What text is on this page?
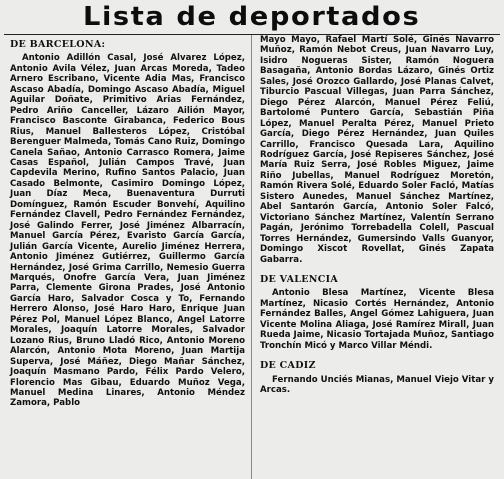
Lista de deportados
DE BARCELONA:

Antonio Adillón Casal, José Alvarez López, Antonio Avila Vélez, Juan Arcas Moreda, Tadeo Arnero Escribano, Vicente Adia Mas, Francisco Ascaso Abadía, Domingo Ascaso Abadía, Miguel Aguilar Doñate, Primitivo Arias Fernández, Pedro Ariño Canceller, Lázaro Ailión Mayor, Francisco Basconte Girabanca, Federico Bous Rius, Manuel Ballesteros López, Cristóbal Berenguer Malmeda, Tomás Cano Ruiz, Domingo Canela Sañao, Antonio Carrasco Romera, Jaime Casas Español, Julián Campos Travé, Juan Capdevila Merino, Rufino Santos Palacio, Juan Casado Belmonte, Casimiro Domingo López, Juan Díaz Meca, Buenaventura Durruti Domínguez, Ramón Escuder Bonvehí, Aquilino Fernández Clavell, Pedro Fernández Fernández, José Galindo Ferrer, José Jiménez Albarracín, Manuel García Pérez, Evaristo García García, Julián García Vicente, Aurelio Jiménez Herrera, Antonio Jiménez Gutiérrez, Guillermo García Hernández, José Grima Carrillo, Nemesio Guerra Marqués, Onofre García Vera, Juan Jiménez Parra, Clemente Girona Prades, José Antonio García Haro, Salvador Cosca y To, Fernando Herrero Alonso, José Haro Haro, Enrique Juan Pérez Pol, Manuel López Blanco, Angel Latorre Morales, Joaquín Latorre Morales, Salvador Lozano Rius, Bruno Lladó Rico, Antonio Moreno Alarcón, Antonio Mota Moreno, Juan Martija Superva, José Máñez, Diego Mañar Sánchez, Joaquín Masmano Pardo, Félix Pardo Velero, Florencio Mas Gibau, Eduardo Muñoz Vega, Manuel Medina Linares, Antonio Méndez Zamora, Pablo

Mayo Mayo, Rafael Martí Solé, Ginés Navarro Muñoz, Ramón Nebot Creus, Juan Navarro Luy, Isidro Nogueras Sister, Ramón Noguera Basagaña, Antonio Bordas Lázaro, Ginés Ortiz Sales, José Orozco Gallardo, José Planas Calvet, Tiburcio Pascual Villegas, Juan Parra Sánchez, Diego Pérez Alarcón, Manuel Pérez Feliú, Bartolomé Puntero García, Sebastián Piña López, Manuel Peralta Pérez, Manuel Prieto García, Diego Pérez Hernández, Juan Quiles Carrillo, Francisco Quesada Lara, Aquilino Rodríguez García, José Repiseres Sánchez, José María Ruiz Serra, José Robles Miguez, Jaime Riño Jubellas, Manuel Rodríguez Moretón, Ramón Rivera Solé, Eduardo Soler Facló, Matías Sistero Aunedes, Manuel Sánchez Martínez, Abel Santarón García, Antonio Soler Falcó, Victoriano Sánchez Martínez, Valentín Serrano Pagán, Jerónimo Torrebadella Colell, Pascual Torres Hernández, Gumersindo Valls Guanyor, Domingo Xiscot Rovellat, Ginés Zapata Gabarra.

DE VALENCIA

Antonio Blesa Martínez, Vicente Blesa Martínez, Nicasio Cortés Hernández, Antonio Fernández Balles, Angel Gómez Lahiguera, Juan Vicente Molina Aliaga, José Ramírez Mirall, Juan Rueda Jaime, Nicasio Tortajada Muñoz, Santiago Tronchín Micó y Marco Villar Méndi.

DE CADIZ

Fernando Unciés Mianas, Manuel Viejo Vitar y Arcas.
